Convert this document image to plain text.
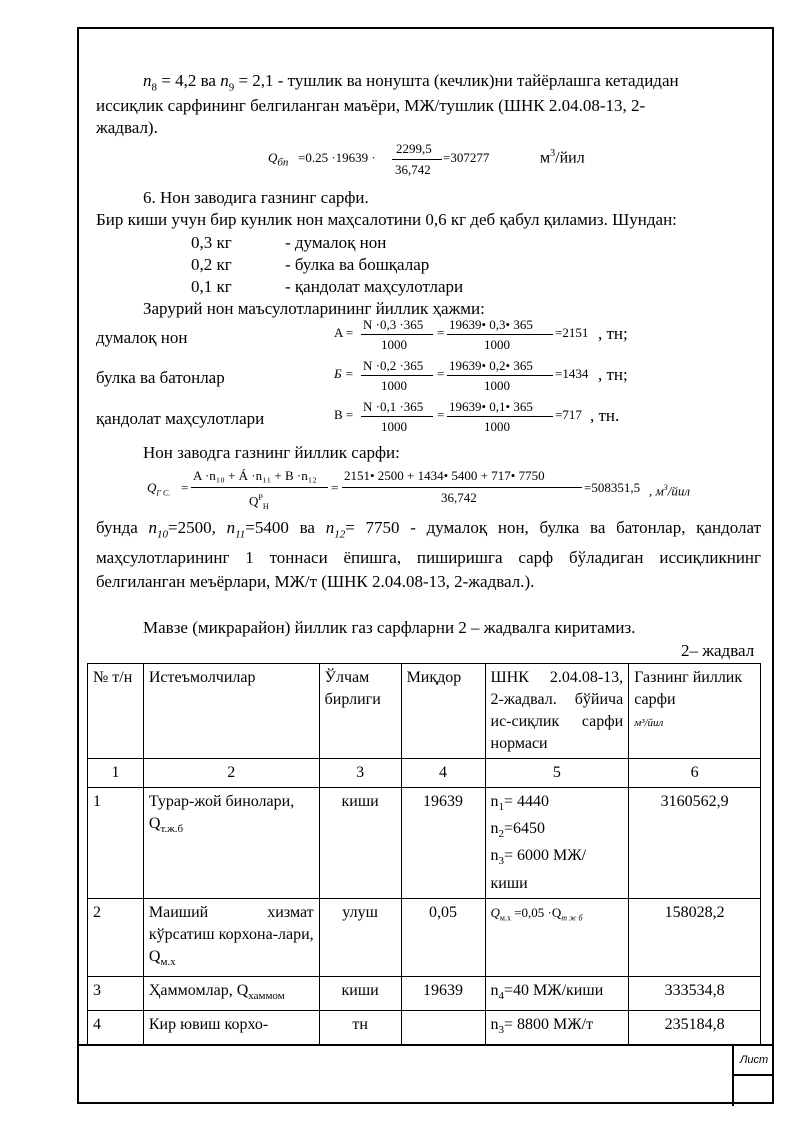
Лист
$n_8 = 4,2$ ва $n_9 = 2,1$ - тушлик ва нонушта (кечлик)ни тайёрлашга кетадидан
иссиқлик сарфининг белгиланган маъёри, МЖ/тушлик (ШНК 2.04.08-13, 2-
жадвал).
$Q_{бп} =0.25 \cdot 19639$ ·
2299,5
36,742
=307277	$м^3$/йил
6. Нон заводига газнинг сарфи.
Бир киши учун бир кунлик нон маҳсалотини 0,6 кг деб қабул қиламиз. Шундан:
0,3 кг	- думалоқ нон
0,2 кг	- булка ва бошқалар
0,1 кг	- қандолат маҳсулотлари
Зарурий нон маъсулотларининг йиллик ҳажми:
думалоқ нон	A =
N ·0,3 ·365
1000
=
19639• 0,3• 365
1000
=2151 , тн;
булка ва батонлар	Б =
N ·0,2 ·365
1000
=
19639• 0,2• 365
1000
=1434 , тн;
қандолат маҳсулотлари	В =
N ·0,1 ·365
1000
=
19639• 0,1• 365
1000
=717 , тн.
Нон заводга газнинг йиллик сарфи:
$Q_{Г С.}$ =
A ·n₁₀ + Á ·n₁₁ + B ·n₁₂
$Q^P_H$
=
2151• 2500 + 1434• 5400 + 717• 7750
36,742
=508351,5 , $м^3$/йил
бунда $n_{10}=2500$, $n_{11}=5400$ ва $n_{12}= 7750$ - думалоқ нон, булка ва батонлар, қандолат маҳсулотларининг 1 тоннаси ёпишга, пиширишга сарф бўладиган иссиқликнинг белгиланган меъёрлари, МЖ/т (ШНК 2.04.08-13, 2-жадвал.).
Мавзе (микрарайон) йиллик газ сарфларни 2 – жадвалга киритамиз.
2– жадвал
№ т/н	Истеъмолчилар	Ўлчам бирлиги	Миқдор	ШНК 2.04.08-13, 2-жадвал. бўйича ис-сиқлик сарфи нормаси	Газнинг йиллик сарфи
м³/йил
1	2	3	4	5	6
1	Турар-жой бинолари,
$Q_{т.ж.б}$	киши	19639	$n_1= 4440$
$n_2=6450$
$n_3= 6000$ МЖ/ киши	3160562,9
2	Маиший хизмат кўрсатиш корхона-лари, $Q_{м.х}$	улуш	0,05	$Q_{м.х} =0,05 \cdot Q_{т ж б}$	158028,2
3	Ҳаммомлар, $Q_{хаммом}$	киши	19639	$n_4=40$ МЖ/киши	333534,8
4	Кир ювиш корхо-	тн		$n_3= 8800$ МЖ/т	235184,8
